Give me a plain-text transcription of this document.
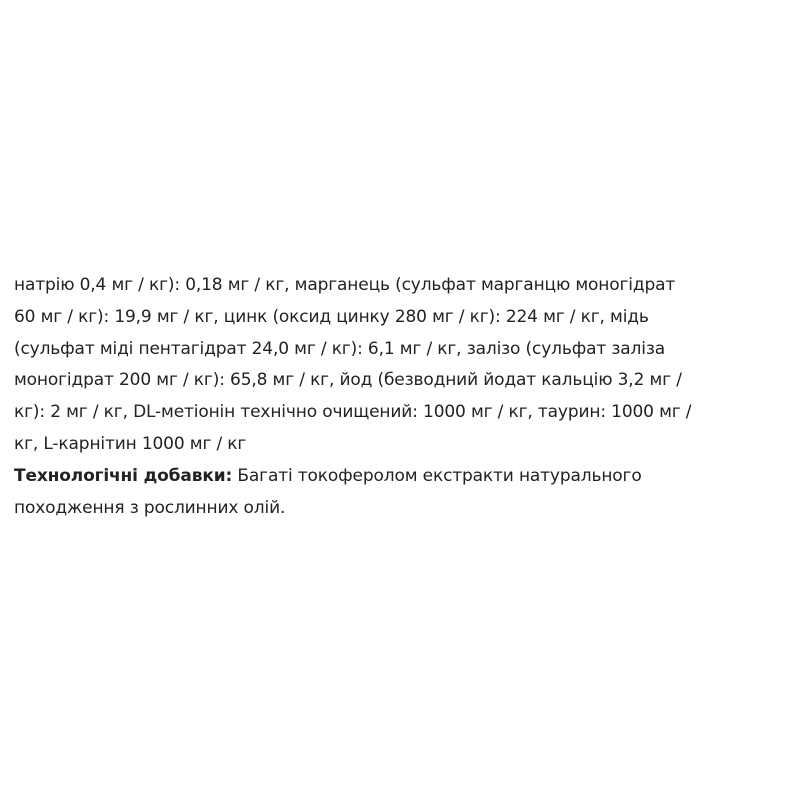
натрію 0,4 мг / кг): 0,18 мг / кг, марганець (сульфат марганцю моногідрат
60 мг / кг): 19,9 мг / кг, цинк (оксид цинку 280 мг / кг): 224 мг / кг, мідь
(сульфат міді пентагідрат 24,0 мг / кг): 6,1 мг / кг, залізо (сульфат заліза
моногідрат 200 мг / кг): 65,8 мг / кг, йод (безводний йодат кальцію 3,2 мг /
кг): 2 мг / кг, DL-метіонін технічно очищений: 1000 мг / кг, таурин: 1000 мг /
кг, L-карнітин 1000 мг / кг
Технологічні добавки: Багаті токоферолом екстракти натурального
походження з рослинних олій.
